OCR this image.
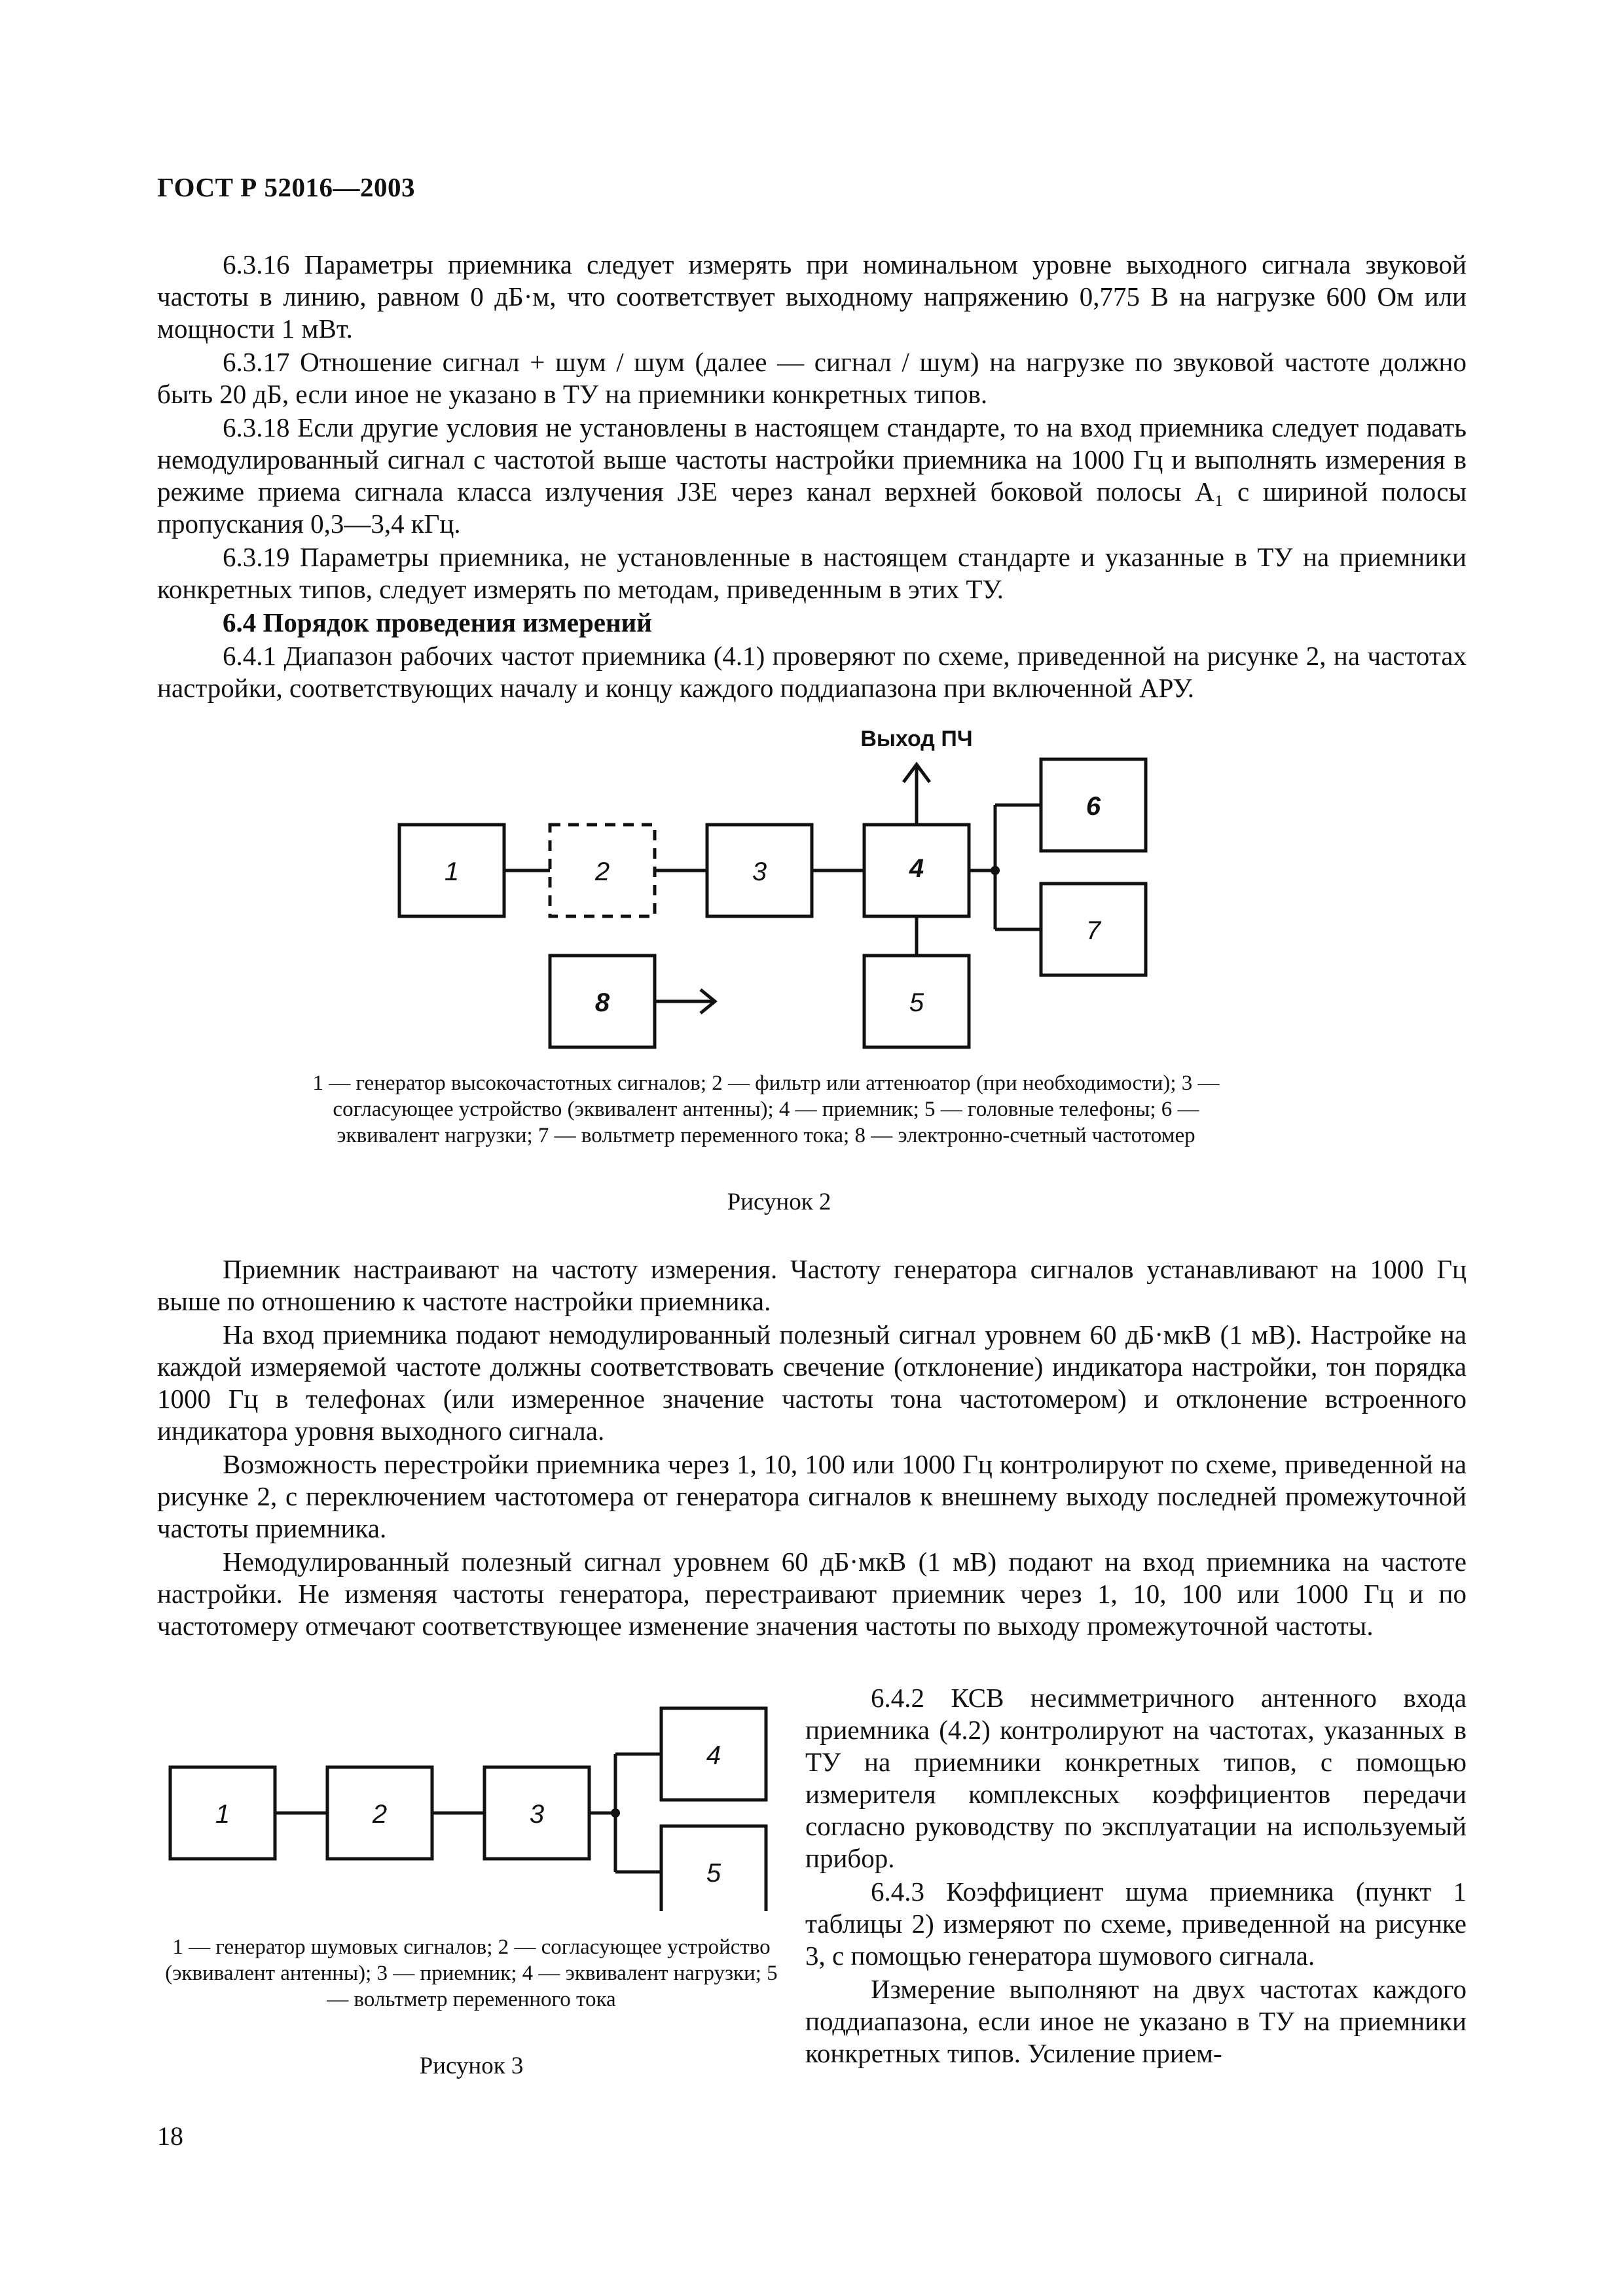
ГОСТ Р 52016—2003

6.3.16 Параметры приемника следует измерять при номинальном уровне выходного сигнала звуковой частоты в линию, равном 0 дБ·м, что соответствует выходному напряжению 0,775 В на нагрузке 600 Ом или мощности 1 мВт.

6.3.17 Отношение сигнал + шум / шум (далее — сигнал / шум) на нагрузке по звуковой частоте должно быть 20 дБ, если иное не указано в ТУ на приемники конкретных типов.

6.3.18 Если другие условия не установлены в настоящем стандарте, то на вход приемника следует подавать немодулированный сигнал с частотой выше частоты настройки приемника на 1000 Гц и выполнять измерения в режиме приема сигнала класса излучения J3E через канал верхней боковой полосы A₁ с шириной полосы пропускания 0,3—3,4 кГц.

6.3.19 Параметры приемника, не установленные в настоящем стандарте и указанные в ТУ на приемники конкретных типов, следует измерять по методам, приведенным в этих ТУ.

6.4 Порядок проведения измерений

6.4.1 Диапазон рабочих частот приемника (4.1) проверяют по схеме, приведенной на рисунке 2, на частотах настройки, соответствующих началу и концу каждого поддиапазона при включенной АРУ.

1	2	3	4
5
6
7
8
Выход ПЧ
1 — генератор высокочастотных сигналов; 2 — фильтр или аттенюатор (при необходимости); 3 — согласующее устройство (эквивалент антенны); 4 — приемник; 5 — головные телефоны; 6 — эквивалент нагрузки; 7 — вольтметр переменного тока; 8 — электронно-счетный частотомер
Рисунок 2

Приемник настраивают на частоту измерения. Частоту генератора сигналов устанавливают на 1000 Гц выше по отношению к частоте настройки приемника.

На вход приемника подают немодулированный полезный сигнал уровнем 60 дБ·мкВ (1 мВ). Настройке на каждой измеряемой частоте должны соответствовать свечение (отклонение) индикатора настройки, тон порядка 1000 Гц в телефонах (или измеренное значение частоты тона частотомером) и отклонение встроенного индикатора уровня выходного сигнала.

Возможность перестройки приемника через 1, 10, 100 или 1000 Гц контролируют по схеме, приведенной на рисунке 2, с переключением частотомера от генератора сигналов к внешнему выходу последней промежуточной частоты приемника.

Немодулированный полезный сигнал уровнем 60 дБ·мкВ (1 мВ) подают на вход приемника на частоте настройки. Не изменяя частоты генератора, перестраивают приемник через 1, 10, 100 или 1000 Гц и по частотомеру отмечают соответствующее изменение значения частоты по выходу промежуточной частоты.

1	2	3
4
5
1 — генератор шумовых сигналов; 2 — согласующее устройство (эквивалент антенны); 3 — приемник; 4 — эквивалент нагрузки; 5 — вольтметр переменного тока
Рисунок 3

6.4.2 КСВ несимметричного антенного входа приемника (4.2) контролируют на частотах, указанных в ТУ на приемники конкретных типов, с помощью измерителя комплексных коэффициентов передачи согласно руководству по эксплуатации на используемый прибор.

6.4.3 Коэффициент шума приемника (пункт 1 таблицы 2) измеряют по схеме, приведенной на рисунке 3, с помощью генератора шумового сигнала.

Измерение выполняют на двух частотах каждого поддиапазона, если иное не указано в ТУ на приемники конкретных типов. Усиление прием-

18
